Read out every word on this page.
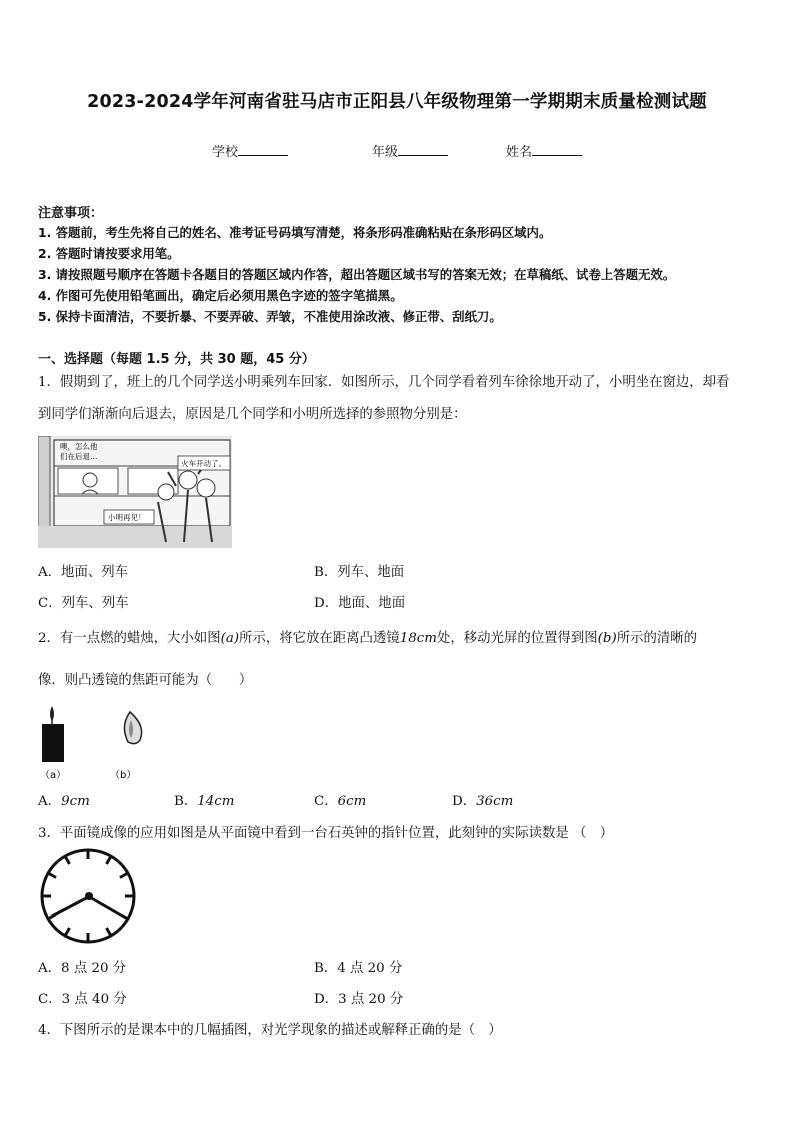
2023-2024学年河南省驻马店市正阳县八年级物理第一学期期末质量检测试题
学校	年级	姓名
注意事项：
1. 答题前，考生先将自己的姓名、准考证号码填写清楚，将条形码准确粘贴在条形码区域内。
2. 答题时请按要求用笔。
3. 请按照题号顺序在答题卡各题目的答题区域内作答，超出答题区域书写的答案无效；在草稿纸、试卷上答题无效。
4. 作图可先使用铅笔画出，确定后必须用黑色字迹的签字笔描黑。
5. 保持卡面清洁，不要折暴、不要弄破、弄皱，不准使用涂改液、修正带、刮纸刀。
一、选择题（每题 1.5 分，共 30 题，45 分）
1．假期到了，班上的几个同学送小明乘列车回家．如图所示，几个同学看着列车徐徐地开动了，小明坐在窗边，却看
到同学们渐渐向后退去，原因是几个同学和小明所选择的参照物分别是：
噢，怎么他
们在后退…
火车开动了。
小明再见！
A．地面、列车	B．列车、地面
C．列车、列车	D．地面、地面
2．有一点燃的蜡烛，大小如图(a)所示，将它放在距离凸透镜18cm处，移动光屏的位置得到图(b)所示的清晰的
像．则凸透镜的焦距可能为（　　）
（a）	（b）
A．9cm	B．14cm	C．6cm	D．36cm
3．平面镜成像的应用如图是从平面镜中看到一台石英钟的指针位置，此刻钟的实际读数是 （　）
A．8 点 20 分	B．4 点 20 分
C．3 点 40 分	D．3 点 20 分
4．下图所示的是课本中的几幅插图，对光学现象的描述或解释正确的是（　）
